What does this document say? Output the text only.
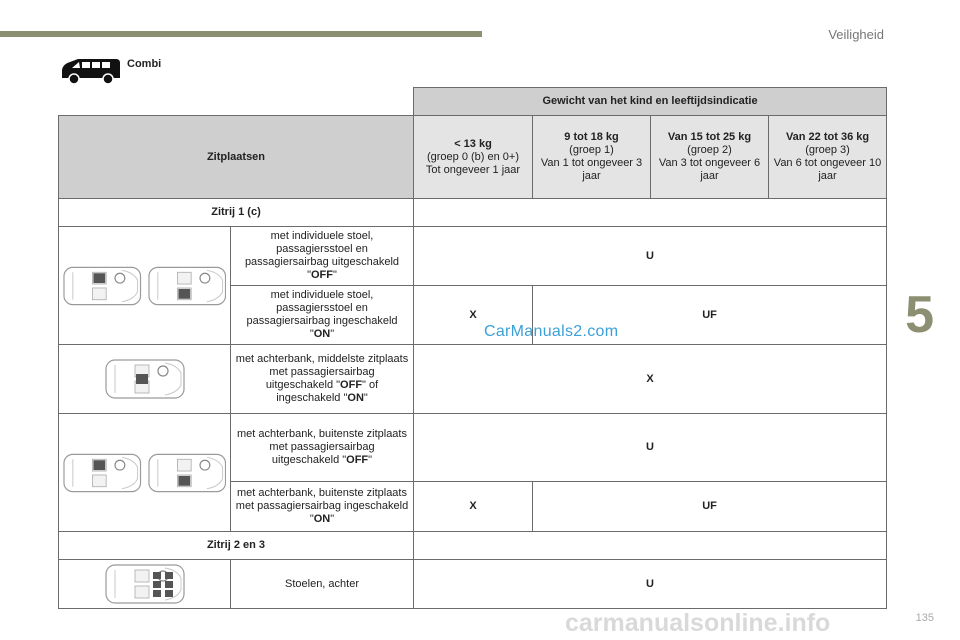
Veiligheid
5
135
Combi
CarManuals2.com
		Gewicht van het kind en leeftijdsindicatie			
Zitplaatsen		< 13 kg
(groep 0 (b) en 0+)
Tot ongeveer 1 jaar	9 tot 18 kg
(groep 1)
Van 1 tot ongeveer 3 jaar	Van 15 tot 25 kg
(groep 2)
Van 3 tot ongeveer 6 jaar	Van 22 tot 36 kg
(groep 3)
Van 6 tot ongeveer 10 jaar
Zitrij 1 (c)					

	met individuele stoel, passagiersstoel en passagiersairbag uitgeschakeld "OFF"	U			
	met individuele stoel, passagiersstoel en passagiersairbag ingeschakeld "ON"	X	UF		

	met achterbank, middelste zitplaats met passagiersairbag uitgeschakeld "OFF" of ingeschakeld "ON"	X			

	met achterbank, buitenste zitplaats met passagiersairbag uitgeschakeld "OFF"	U			
	met achterbank, buitenste zitplaats met passagiersairbag ingeschakeld "ON"	X	UF		
Zitrij 2 en 3					

	Stoelen, achter	U			
carmanualsonline.info
